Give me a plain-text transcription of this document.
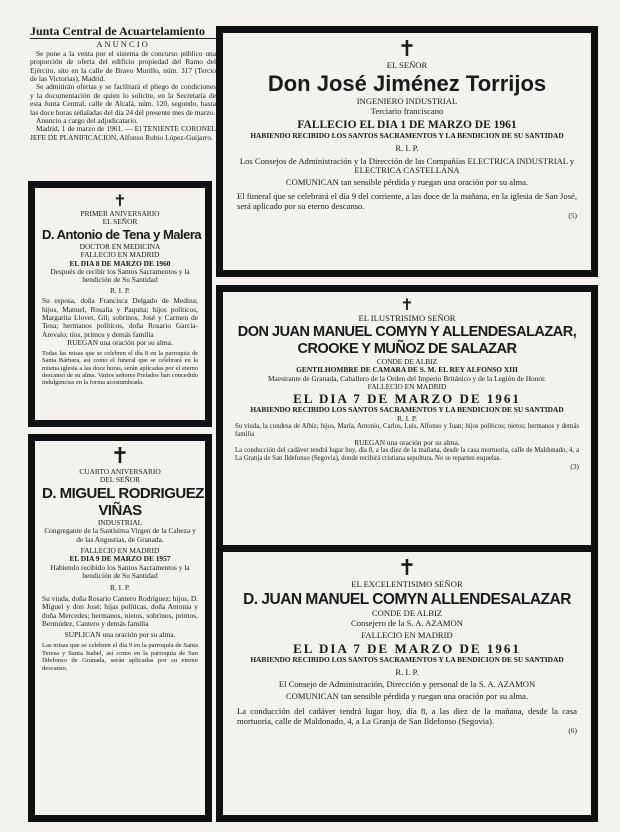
Junta Central de Acuartelamiento
ANUNCIO
Se pone a la venta por el sistema de concurso público una proporción de oferta del edificio propiedad del Ramo del Ejército, sito en la calle de Bravo Murillo, núm. 317 (Tercio de las Victorias), Madrid.
Se admitirán ofertas y se facilitará el pliego de condiciones y la documentación de quien lo solicite, en la Secretaría de esta Junta Central, calle de Alcalá, núm. 120, segundo, hasta las doce horas señaladas del día 24 del presente mes de marzo.
Anuncio a cargo del adjudicatario.
Madrid, 1 de marzo de 1961. — El TENIENTE CORONEL JEFE DE PLANIFICACION, Alfonso Rubio López-Guijarro.
✝
PRIMER ANIVERSARIO
EL SEÑOR
D. Antonio de Tena y Malera
DOCTOR EN MEDICINA
FALLECIO EN MADRID
EL DIA 8 DE MARZO DE 1960
Después de recibir los Santos Sacramentos y la bendición de Su Santidad
R. I. P.
Su esposa, doña Francisca Delgado de Medina; hijos, Manuel, Rosalía y Paquita; hijos políticos, Margarita Llovet, Gil; sobrinos, José y Carmen de Tena; hermanos políticos, doña Rosario García-Arevalo; tíos, primos y demás familia
RUEGAN una oración por su alma.
Todas las misas que se celebren el día 8 en la parroquia de Santa Bárbara, así como el funeral que se celebrará en la misma iglesia a las doce horas, serán aplicadas por el eterno descanso de su alma. Varios señores Prelados han concedido indulgencias en la forma acostumbrada.
✝
CUARTO ANIVERSARIO
DEL SEÑOR
D. MIGUEL RODRIGUEZ
VIÑAS
INDUSTRIAL
Congregante de la Santísima Virgen de la Cabeza y de las Angustias, de Granada.
FALLECIO EN MADRID
EL DIA 9 DE MARZO DE 1957
Habiendo recibido los Santos Sacramentos y la bendición de Su Santidad
R. I. P.
Su viuda, doña Rosario Cantero Rodríguez; hijos, D. Miguel y don José; hijas políticas, doña Antonia y doña Mercedes; hermanos, nietos, sobrinos, primos, Bermúdez, Cantero y demás familia
SUPLICAN una oración por su alma.
Las misas que se celebren el día 9 en la parroquia de Santa Teresa y Santa Isabel, así como en la parroquia de San Ildefonso de Granada, serán aplicadas por su eterno descanso.
✝
EL SEÑOR
Don José Jiménez Torrijos
INGENIERO INDUSTRIAL
Terciario franciscano
FALLECIO EL DIA 1 DE MARZO DE 1961
HABIENDO RECIBIDO LOS SANTOS SACRAMENTOS Y LA BENDICION DE SU SANTIDAD
R. I. P.
Los Consejos de Administración y la Dirección de las Compañías ELECTRICA INDUSTRIAL y ELECTRICA CASTELLANA
COMUNICAN tan sensible pérdida y ruegan una oración por su alma.
El funeral que se celebrará el día 9 del corriente, a las doce de la mañana, en la iglesia de San José, será aplicado por su eterno descanso.
(5)
✝
EL ILUSTRISIMO SEÑOR
DON JUAN MANUEL COMYN Y ALLENDESALAZAR,
CROOKE Y MUÑOZ DE SALAZAR
CONDE DE ALBIZ
GENTILHOMBRE DE CAMARA DE S. M. EL REY ALFONSO XIII
Maestrante de Granada, Caballero de la Orden del Imperio Británico y de la Legión de Honor.
FALLECIO EN MADRID
EL DIA 7 DE MARZO DE 1961
HABIENDO RECIBIDO LOS SANTOS SACRAMENTOS Y LA BENDICION DE SU SANTIDAD
R. I. P.
Su viuda, la condesa de Albiz; hijos, María, Antonio, Carlos, Luis, Alfonso y Juan; hijos políticos; nietos; hermanos y demás familia
RUEGAN una oración por su alma.
La conducción del cadáver tendrá lugar hoy, día 8, a las diez de la mañana, desde la casa mortuoria, calle de Maldonado, 4, a La Granja de San Ildefonso (Segovia), donde recibirá cristiana sepultura. No se reparten esquelas.
(3)
✝
EL EXCELENTISIMO SEÑOR
D. JUAN MANUEL COMYN ALLENDESALAZAR
CONDE DE ALBIZ
Consejero de la S. A. AZAMON
FALLECIO EN MADRID
EL DIA 7 DE MARZO DE 1961
HABIENDO RECIBIDO LOS SANTOS SACRAMENTOS Y LA BENDICION DE SU SANTIDAD
R. I. P.
El Consejo de Administración, Dirección y personal de la S. A. AZAMON
COMUNICAN tan sensible pérdida y ruegan una oración por su alma.
La conducción del cadáver tendrá lugar hoy, día 8, a las diez de la mañana, desde la casa mortuoria, calle de Maldonado, 4, a La Granja de San Ildefonso (Segovia).
(6)
